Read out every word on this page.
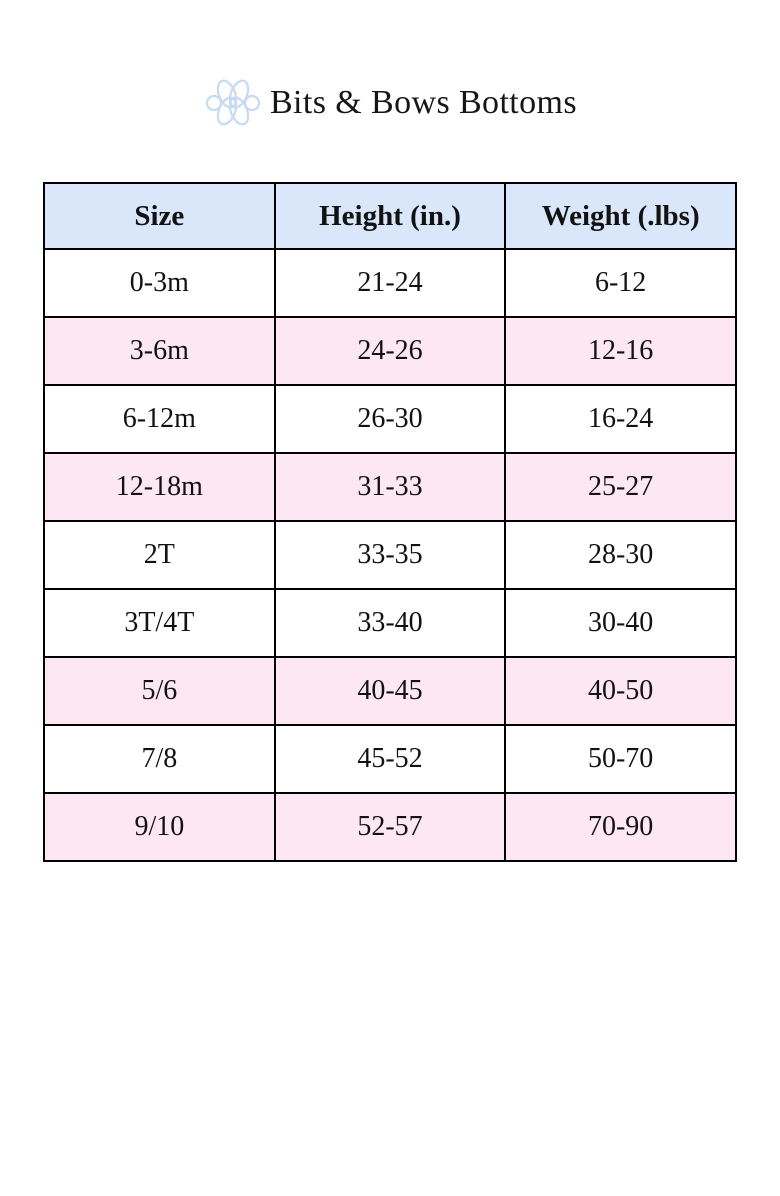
Bits & Bows Bottoms
Size	Height (in.)	Weight (.lbs)
0-3m	21-24	6-12
3-6m	24-26	12-16
6-12m	26-30	16-24
12-18m	31-33	25-27
2T	33-35	28-30
3T/4T	33-40	30-40
5/6	40-45	40-50
7/8	45-52	50-70
9/10	52-57	70-90
